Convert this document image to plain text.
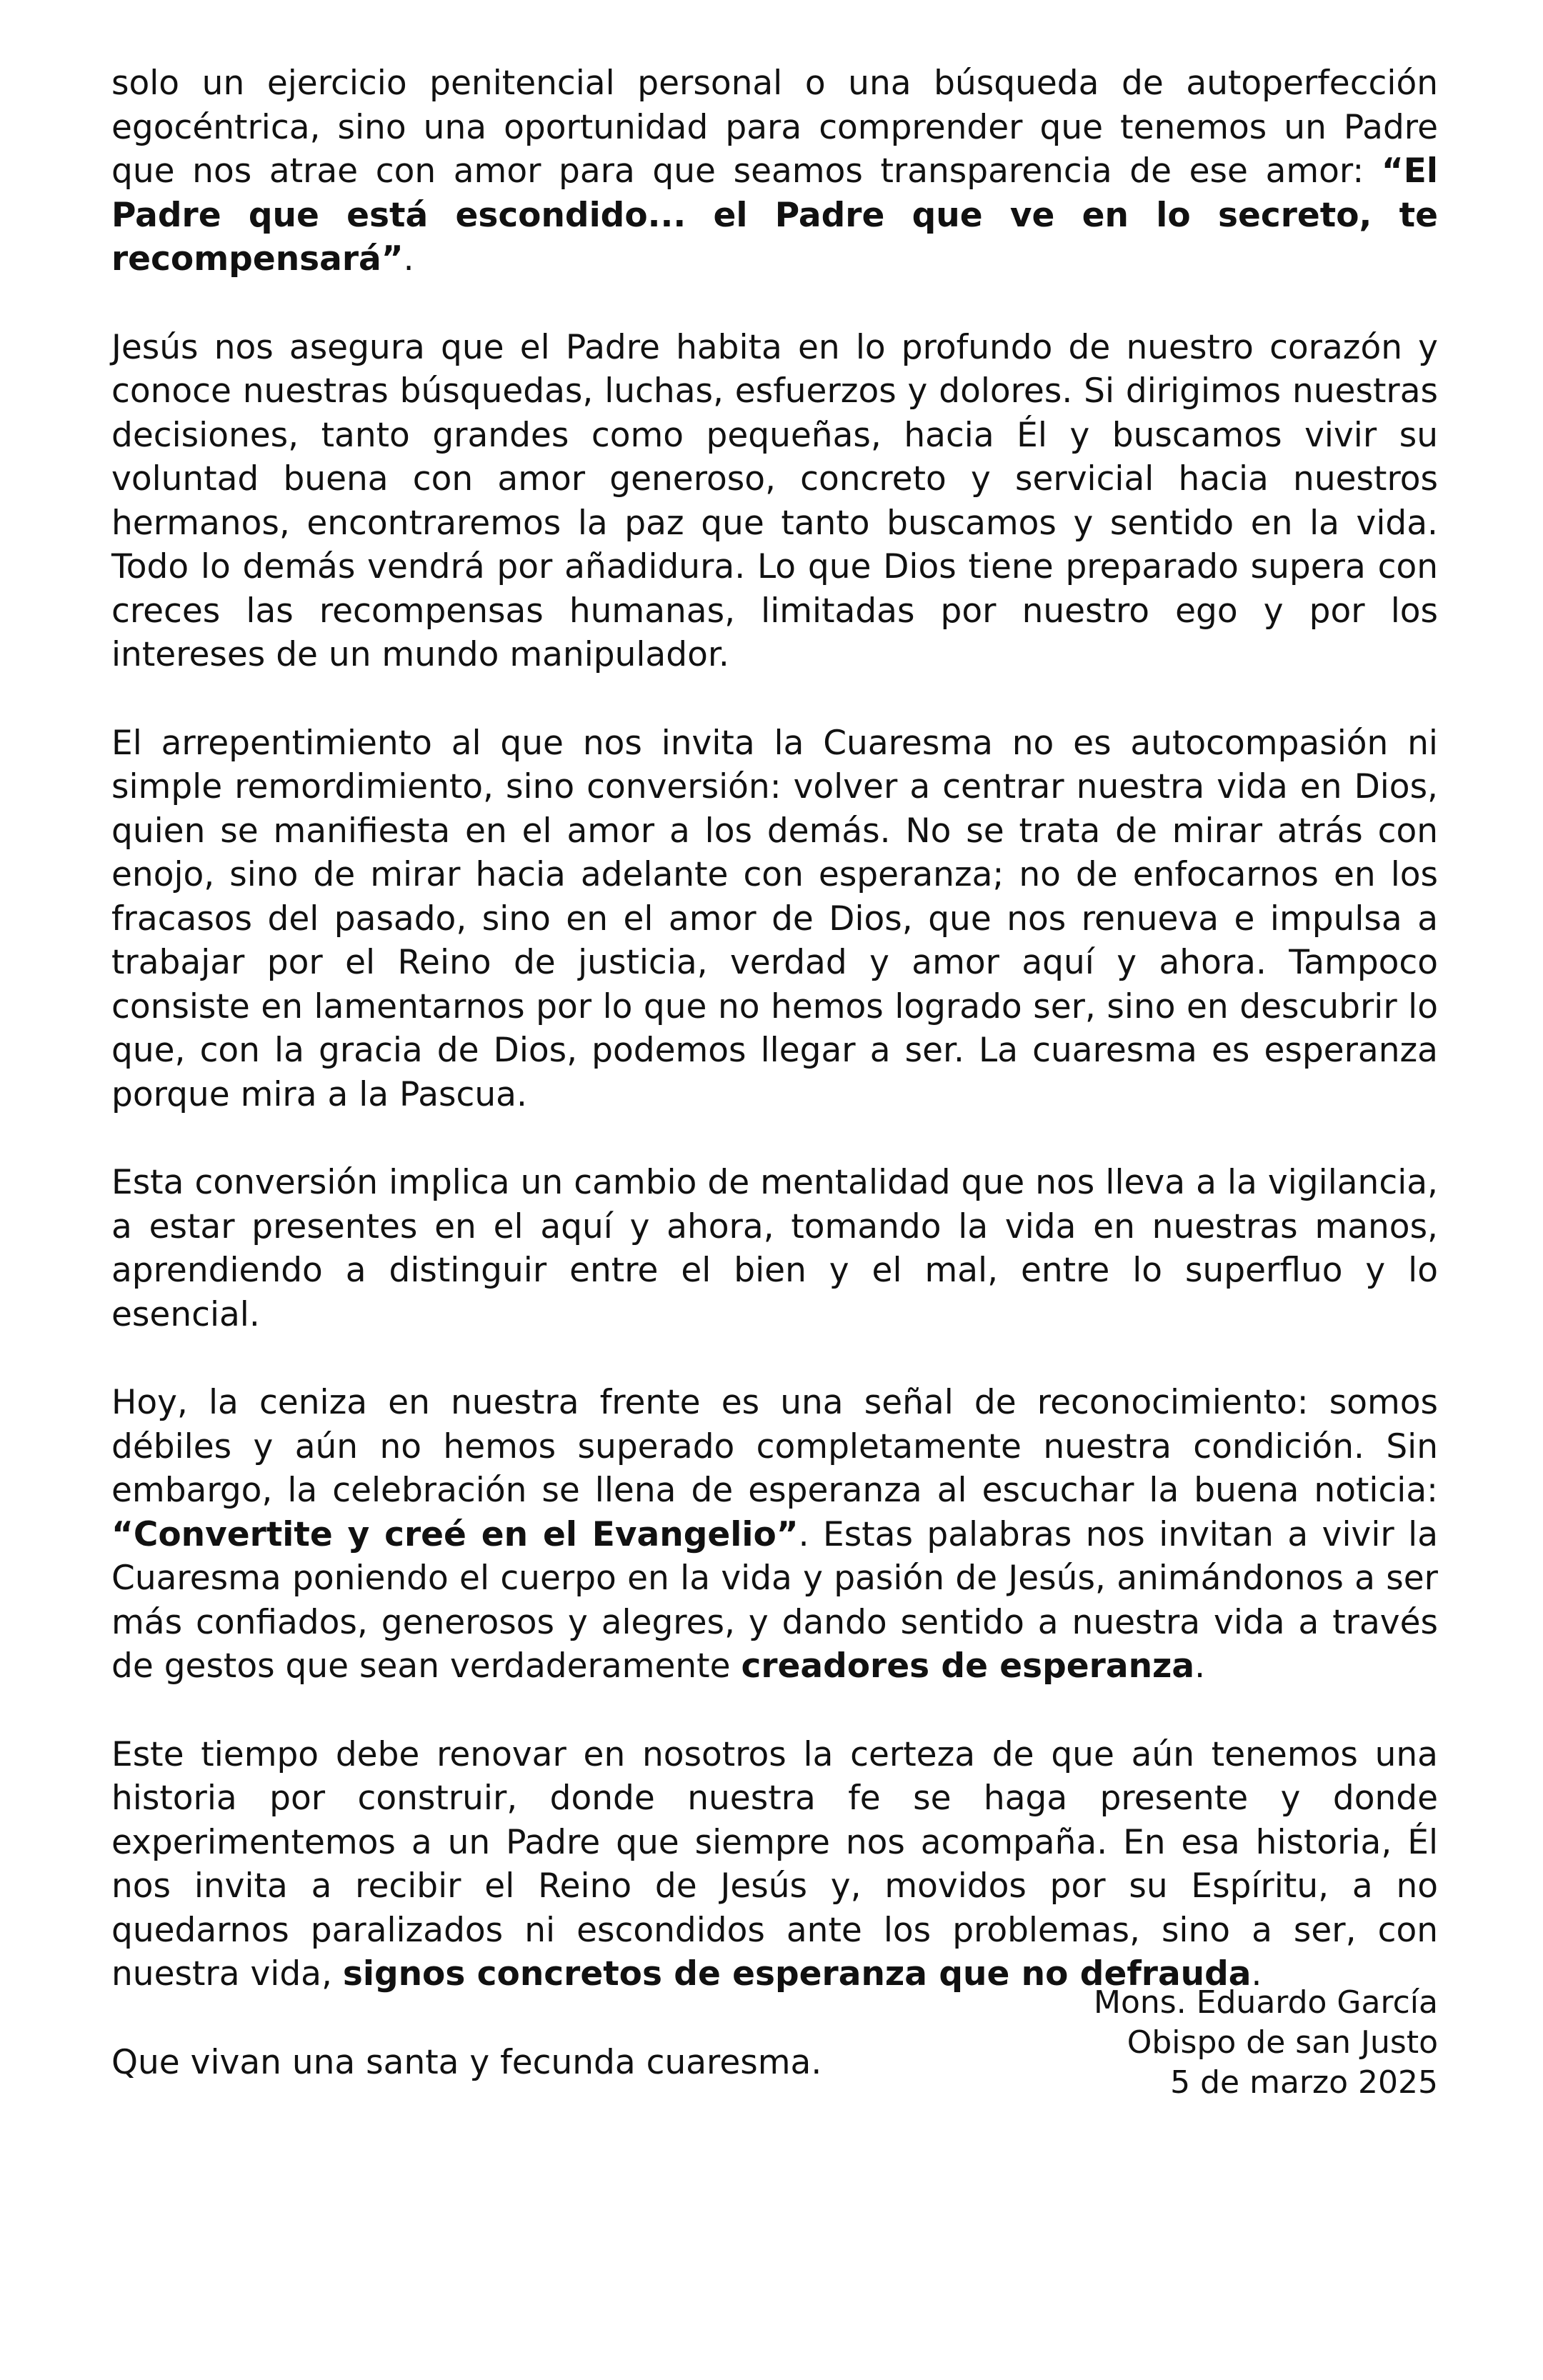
solo un ejercicio penitencial personal o una búsqueda de autoperfección egocéntrica, sino una oportunidad para comprender que tenemos un Padre que nos atrae con amor para que seamos transparencia de ese amor: “El Padre que está escondido... el Padre que ve en lo secreto, te recompensará”.

Jesús nos asegura que el Padre habita en lo profundo de nuestro corazón y conoce nuestras búsquedas, luchas, esfuerzos y dolores. Si dirigimos nuestras decisiones, tanto grandes como pequeñas, hacia Él y buscamos vivir su voluntad buena con amor generoso, concreto y servicial hacia nuestros hermanos, encontraremos la paz que tanto buscamos y sentido en la vida. Todo lo demás vendrá por añadidura. Lo que Dios tiene preparado supera con creces las recompensas humanas, limitadas por nuestro ego y por los intereses de un mundo manipulador.

El arrepentimiento al que nos invita la Cuaresma no es autocompasión ni simple remordimiento, sino conversión: volver a centrar nuestra vida en Dios, quien se manifiesta en el amor a los demás. No se trata de mirar atrás con enojo, sino de mirar hacia adelante con esperanza; no de enfocarnos en los fracasos del pasado, sino en el amor de Dios, que nos renueva e impulsa a trabajar por el Reino de justicia, verdad y amor aquí y ahora. Tampoco consiste en lamentarnos por lo que no hemos logrado ser, sino en descubrir lo que, con la gracia de Dios, podemos llegar a ser. La cuaresma es esperanza porque mira a la Pascua.

Esta conversión implica un cambio de mentalidad que nos lleva a la vigilancia, a estar presentes en el aquí y ahora, tomando la vida en nuestras manos, aprendiendo a distinguir entre el bien y el mal, entre lo superfluo y lo esencial.

Hoy, la ceniza en nuestra frente es una señal de reconocimiento: somos débiles y aún no hemos superado completamente nuestra condición. Sin embargo, la celebración se llena de esperanza al escuchar la buena noticia: “Convertite y creé en el Evangelio”. Estas palabras nos invitan a vivir la Cuaresma poniendo el cuerpo en la vida y pasión de Jesús, animándonos a ser más confiados, generosos y alegres, y dando sentido a nuestra vida a través de gestos que sean verdaderamente creadores de esperanza.

Este tiempo debe renovar en nosotros la certeza de que aún tenemos una historia por construir, donde nuestra fe se haga presente y donde experimentemos a un Padre que siempre nos acompaña. En esa historia, Él nos invita a recibir el Reino de Jesús y, movidos por su Espíritu, a no quedarnos paralizados ni escondidos ante los problemas, sino a ser, con nuestra vida, signos concretos de esperanza que no defrauda.

Que vivan una santa y fecunda cuaresma.

Mons. Eduardo García
Obispo de san Justo
5 de marzo 2025
